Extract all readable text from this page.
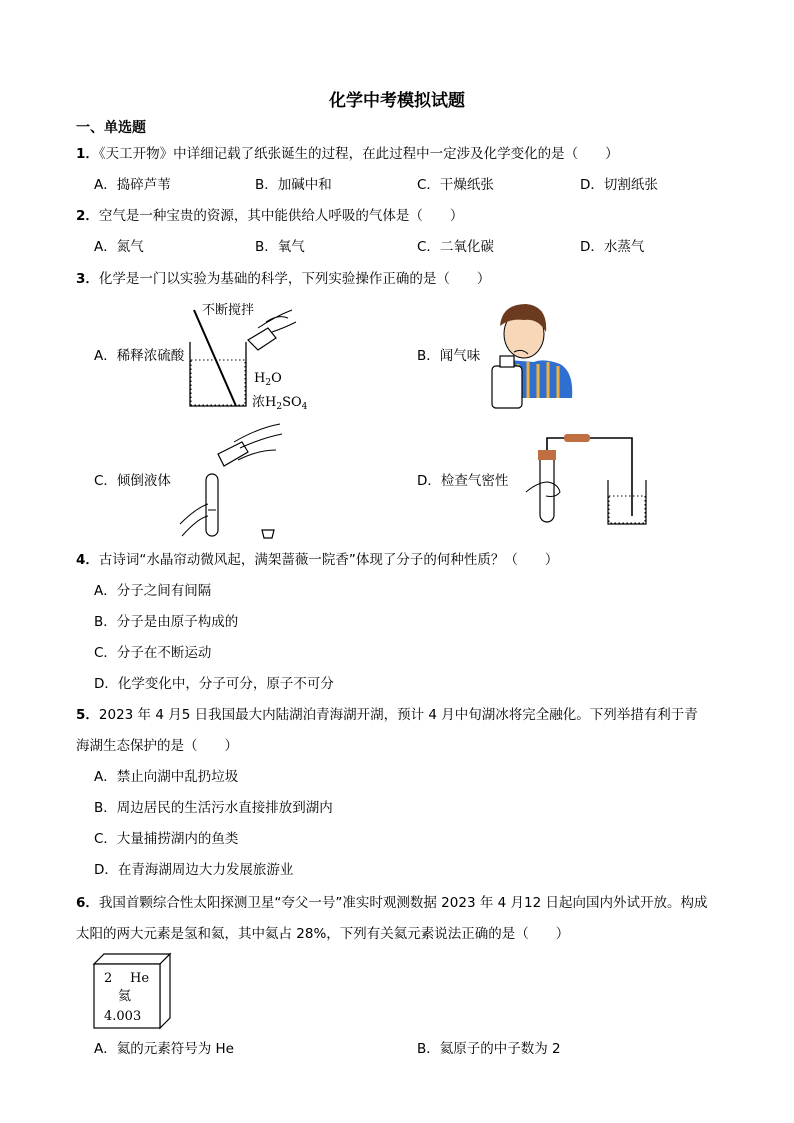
化学中考模拟试题
一、单选题
1．《天工开物》中详细记载了纸张诞生的过程，在此过程中一定涉及化学变化的是（　　）
A．捣碎芦苇	B．加碱中和	C．干燥纸张	D．切割纸张
2．空气是一种宝贵的资源，其中能供给人呼吸的气体是（　　）
A．氮气	B．氧气	C．二氧化碳	D．水蒸气
3．化学是一门以实验为基础的科学，下列实验操作正确的是（　　）
A．稀释浓硫酸
不断搅拌
$H_2O$
浓$H_2SO_4$
B．闻气味
C．倾倒液体	D．检查气密性
4．古诗词“水晶帘动微风起，满架蔷薇一院香”体现了分子的何种性质？（　　）
A．分子之间有间隔
B．分子是由原子构成的
C．分子在不断运动
D．化学变化中，分子可分，原子不可分
5．2023 年 4 月5 日我国最大内陆湖泊青海湖开湖，预计 4 月中旬湖冰将完全融化。下列举措有利于青
海湖生态保护的是（　　）
A．禁止向湖中乱扔垃圾
B．周边居民的生活污水直接排放到湖内
C．大量捕捞湖内的鱼类
D．在青海湖周边大力发展旅游业
6．我国首颗综合性太阳探测卫星“夸父一号”准实时观测数据 2023 年 4 月12 日起向国内外试开放。构成
太阳的两大元素是氢和氦，其中氦占 28%，下列有关氦元素说法正确的是（　　）
2 He
氦
4.003
A．氦的元素符号为 He	B．氦原子的中子数为 2
